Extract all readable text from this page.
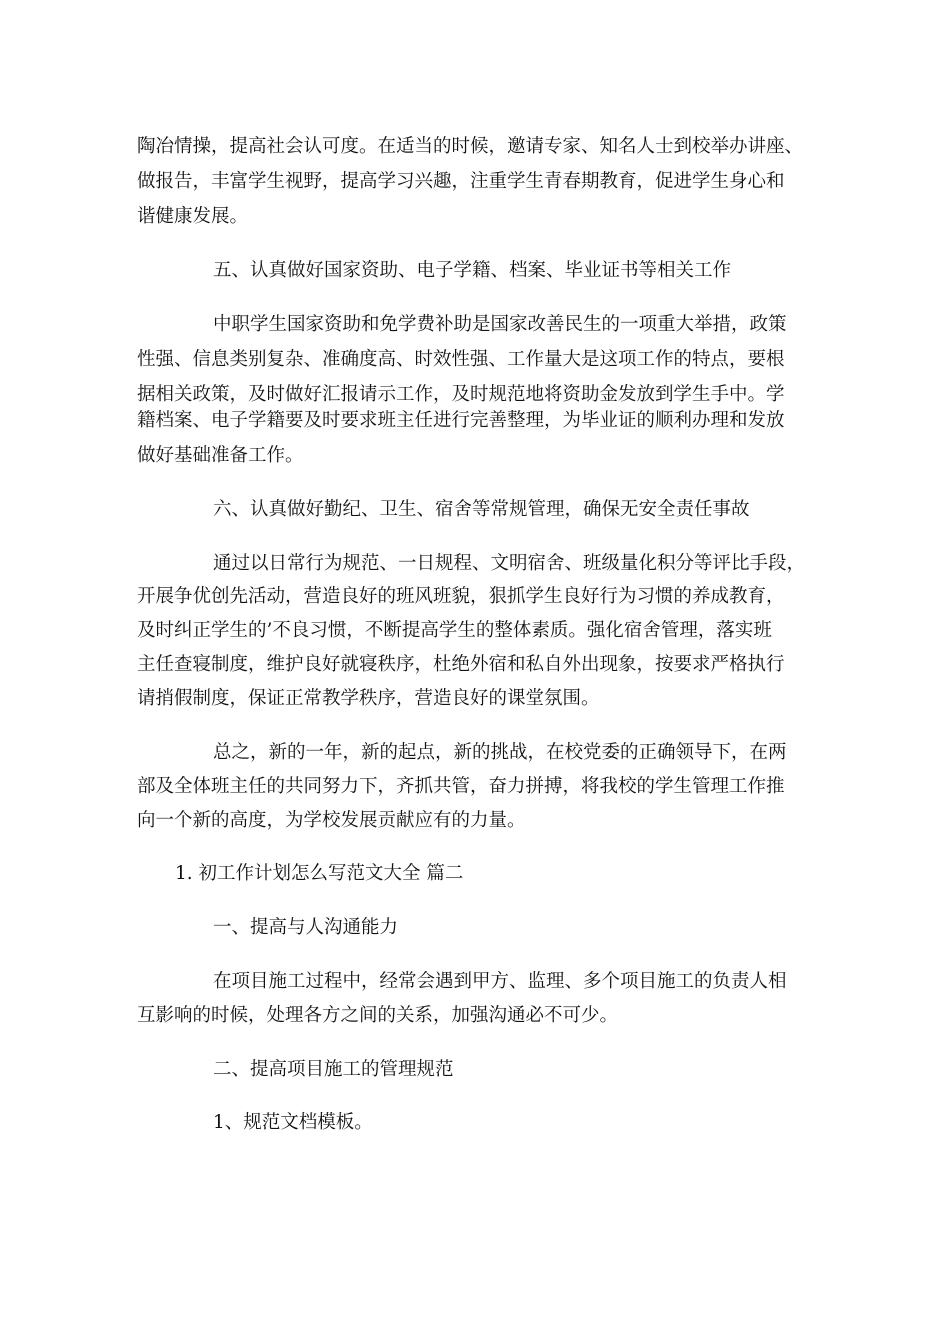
陶冶情操，提高社会认可度。在适当的时候，邀请专家、知名人士到校举办讲座、

做报告，丰富学生视野，提高学习兴趣，注重学生青春期教育，促进学生身心和

谐健康发展。

五、认真做好国家资助、电子学籍、档案、毕业证书等相关工作

中职学生国家资助和免学费补助是国家改善民生的一项重大举措，政策

性强、信息类别复杂、准确度高、时效性强、工作量大是这项工作的特点，要根

据相关政策，及时做好汇报请示工作，及时规范地将资助金发放到学生手中。学

籍档案、电子学籍要及时要求班主任进行完善整理，为毕业证的顺利办理和发放

做好基础准备工作。

六、认真做好勤纪、卫生、宿舍等常规管理，确保无安全责任事故

通过以日常行为规范、一日规程、文明宿舍、班级量化积分等评比手段，

开展争优创先活动，营造良好的班风班貌，狠抓学生良好行为习惯的养成教育，

及时纠正学生的’不良习惯，不断提高学生的整体素质。强化宿舍管理，落实班

主任查寝制度，维护良好就寝秩序，杜绝外宿和私自外出现象，按要求严格执行

请捎假制度，保证正常教学秩序，营造良好的课堂氛围。

总之，新的一年，新的起点，新的挑战，在校党委的正确领导下，在两

部及全体班主任的共同努力下，齐抓共管，奋力拼搏，将我校的学生管理工作推

向一个新的高度，为学校发展贡献应有的力量。

1. 初工作计划怎么写范文大全 篇二

一、提高与人沟通能力

在项目施工过程中，经常会遇到甲方、监理、多个项目施工的负责人相

互影响的时候，处理各方之间的关系，加强沟通必不可少。

二、提高项目施工的管理规范

1、规范文档模板。
